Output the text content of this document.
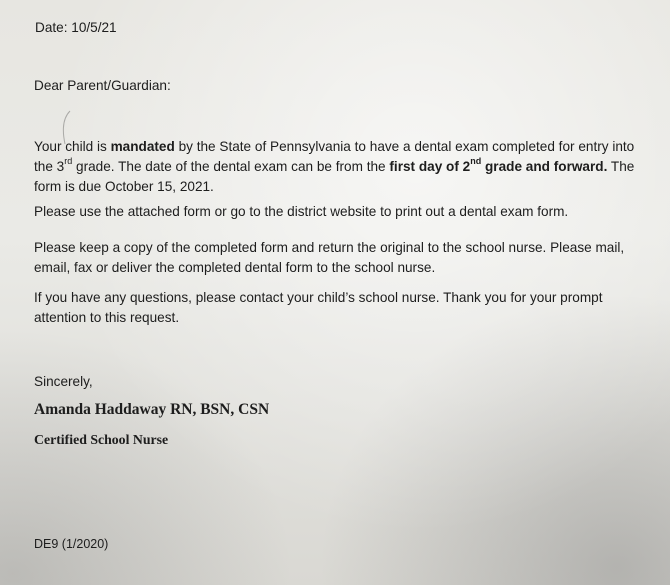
Date: 10/5/21
Dear Parent/Guardian:
Your child is mandated by the State of Pennsylvania to have a dental exam completed for entry into
the 3rd grade. The date of the dental exam can be from the first day of 2nd grade and forward. The
form is due October 15, 2021.
Please use the attached form or go to the district website to print out a dental exam form.
Please keep a copy of the completed form and return the original to the school nurse. Please mail,
email, fax or deliver the completed dental form to the school nurse.
If you have any questions, please contact your child’s school nurse. Thank you for your prompt
attention to this request.
Sincerely,
Amanda Haddaway RN, BSN, CSN
Certified School Nurse
DE9 (1/2020)
